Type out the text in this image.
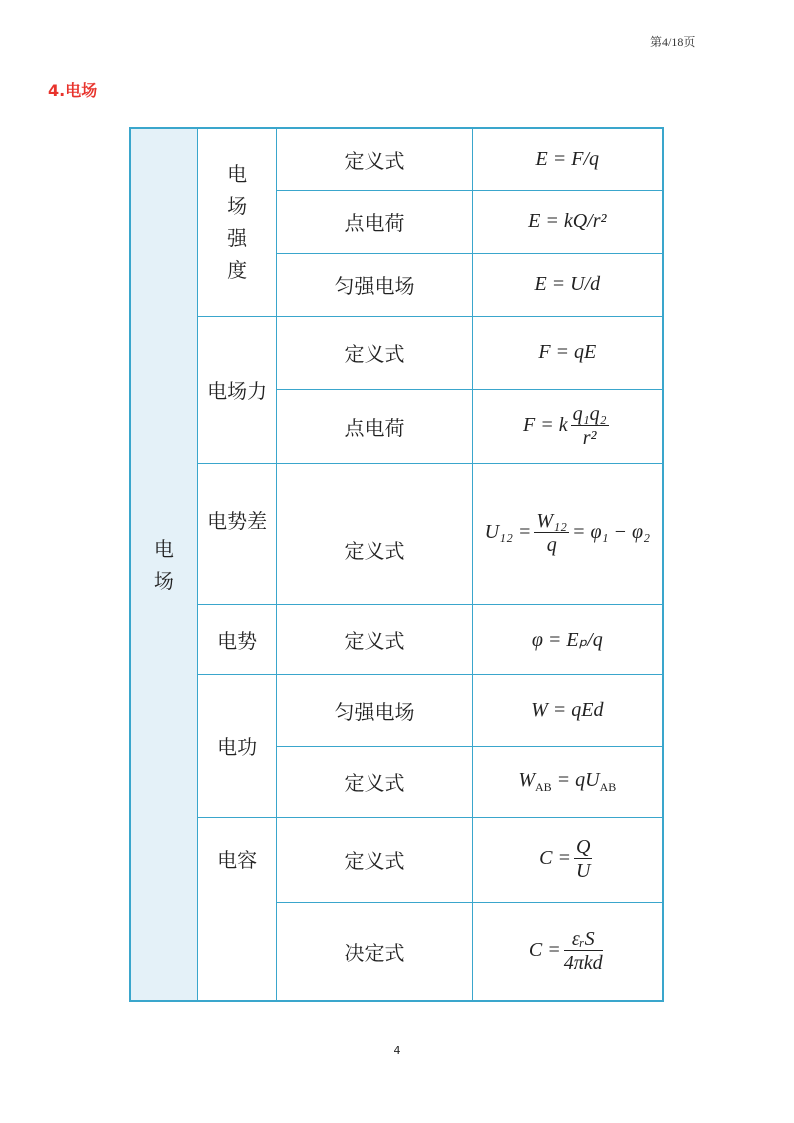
第4/18页
4.电场
电场	电场强度	定义式	E = F/q
		点电荷	E = kQ/r²
		匀强电场	E = U/d
	电场力	定义式	F = qE
		点电荷	F = k $\frac{\text{q₁q₂}}{\text{r²}}$

	电势差	定义式	$U_{12} = \frac{\text{W₁₂}}{q} = \varphi_1 - \varphi_2$
	电势	定义式	φ = Eₚ/q
	电功	匀强电场	W = qEd
		定义式	$W_{AB} = qU_{AB}$
	电容	定义式	$C = \frac{Q}{U}$

		决定式	$C = \frac{\text{εᵣS}}{\text{4πkd}}$
4
